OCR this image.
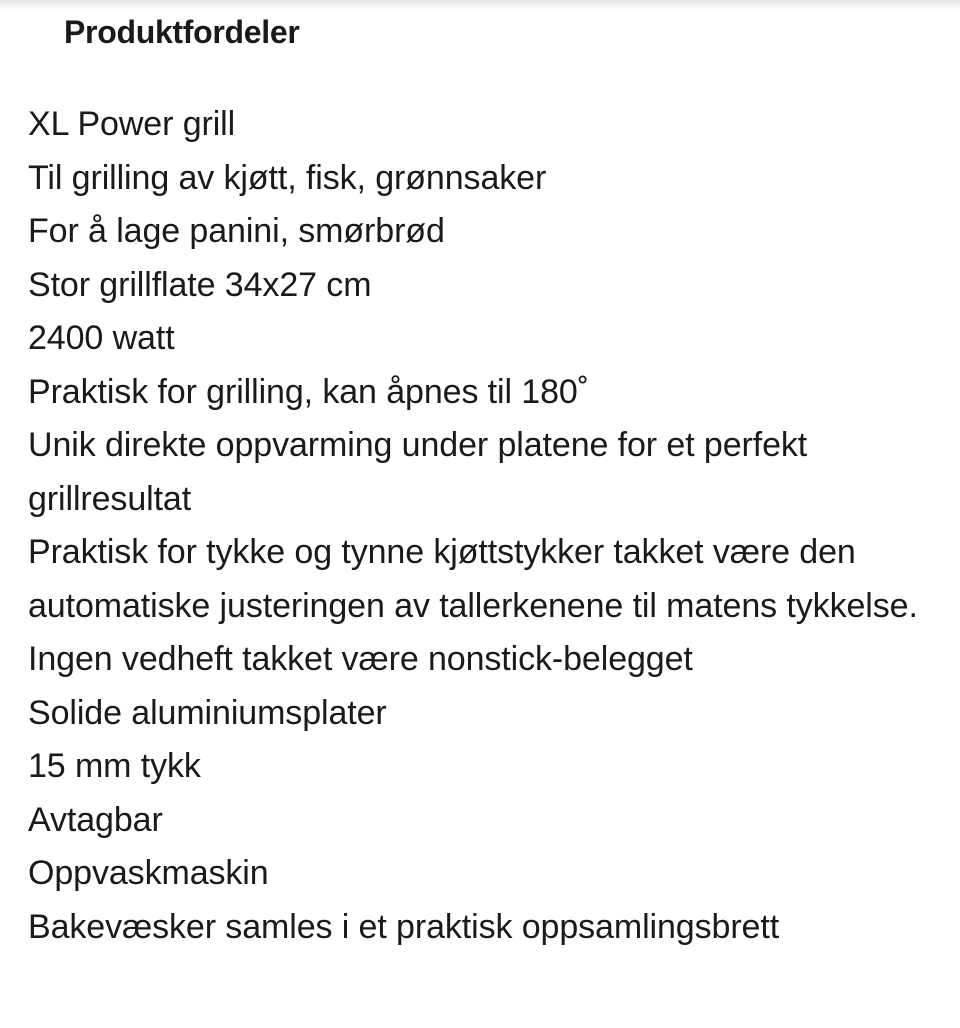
Produktfordeler
XL Power grill
Til grilling av kjøtt, fisk, grønnsaker
For å lage panini, smørbrød
Stor grillflate 34x27 cm
2400 watt
Praktisk for grilling, kan åpnes til 180˚
Unik direkte oppvarming under platene for et perfekt grillresultat
Praktisk for tykke og tynne kjøttstykker takket være den automatiske justeringen av tallerkenene til matens tykkelse.
Ingen vedheft takket være nonstick-belegget
Solide aluminiumsplater
15 mm tykk
Avtagbar
Oppvaskmaskin
Bakevæsker samles i et praktisk oppsamlingsbrett
